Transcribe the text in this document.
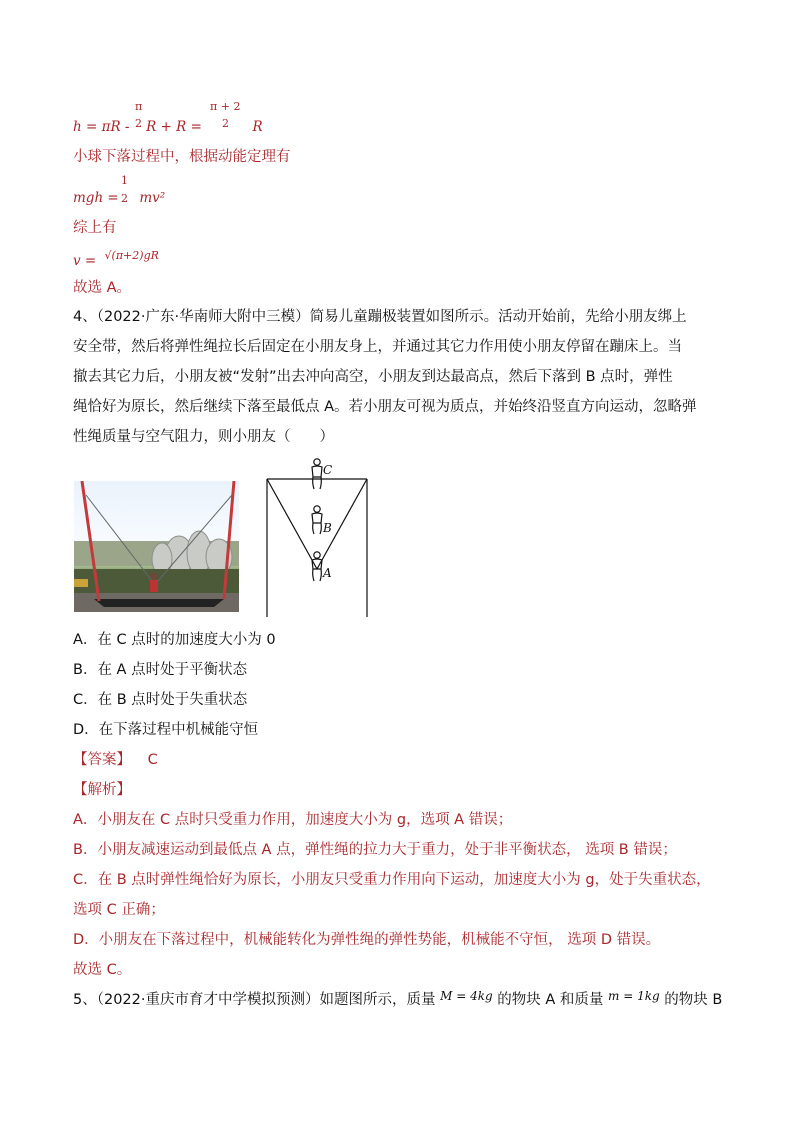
π	π + 2
h = πR - R + R =	R
2	2
小球下落过程中，根据动能定理有
1
mgh = mv²
2
综上有
v = $^{√(\pi+2)gR}$
故选 A。
4、（2022·广东·华南师大附中三模）简易儿童蹦极装置如图所示。活动开始前，先给小朋友绑上
安全带，然后将弹性绳拉长后固定在小朋友身上，并通过其它力作用使小朋友停留在蹦床上。当
撤去其它力后，小朋友被“发射”出去冲向高空，小朋友到达最高点，然后下落到 B 点时，弹性
绳恰好为原长，然后继续下落至最低点 A。若小朋友可视为质点，并始终沿竖直方向运动，忽略弹
性绳质量与空气阻力，则小朋友（　　）
C
B
A
A．在 C 点时的加速度大小为 0
B．在 A 点时处于平衡状态
C．在 B 点时处于失重状态
D．在下落过程中机械能守恒
【答案】 C
【解析】
A．小朋友在 C 点时只受重力作用，加速度大小为 g，选项 A 错误；
B．小朋友减速运动到最低点 A 点，弹性绳的拉力大于重力，处于非平衡状态， 选项 B 错误；
C．在 B 点时弹性绳恰好为原长，小朋友只受重力作用向下运动，加速度大小为 g，处于失重状态，
选项 C 正确；
D．小朋友在下落过程中，机械能转化为弹性绳的弹性势能，机械能不守恒， 选项 D 错误。
故选 C。
5、（2022·重庆市育才中学模拟预测）如题图所示，质量 $^{M = 4kg}$ 的物块 A 和质量 $^{m = 1kg}$ 的物块 B
